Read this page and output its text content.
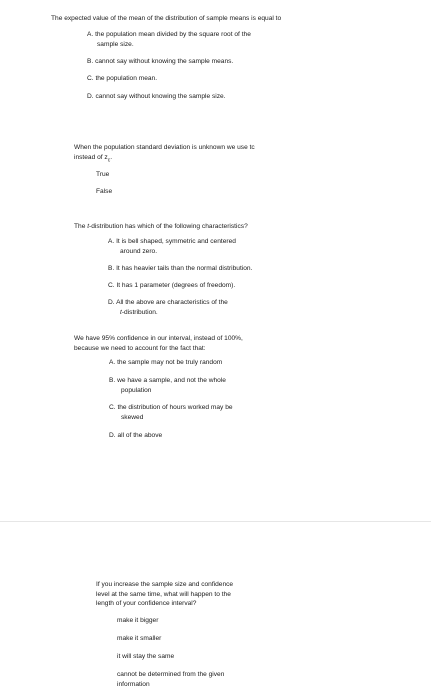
The expected value of the mean of the distribution of sample means is equal to
A. the population mean divided by the square root of the
sample size.
B. cannot say without knowing the sample means.
C. the population mean.
D. cannot say without knowing the sample size.
When the population standard deviation is unknown we use tc
instead of $z_c$.
True
False
The t-distribution has which of the following characteristics?
A. It is bell shaped, symmetric and centered
around zero.
B. It has heavier tails than the normal distribution.
C. It has 1 parameter (degrees of freedom).
D. All the above are characteristics of the
t-distribution.
We have 95% confidence in our interval, instead of 100%,
because we need to account for the fact that:
A. the sample may not be truly random
B. we have a sample, and not the whole
population
C. the distribution of hours worked may be
skewed
D. all of the above
If you increase the sample size and confidence
level at the same time, what will happen to the
length of your confidence interval?
make it bigger
make it smaller
it will stay the same
cannot be determined from the given
information
